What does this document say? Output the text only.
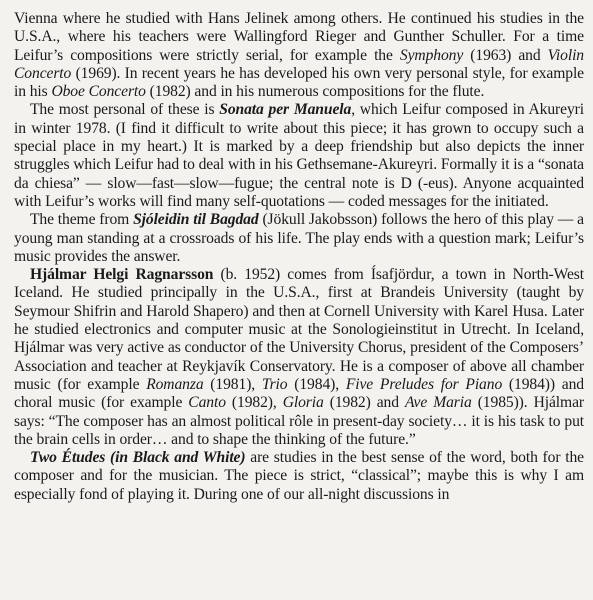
Vienna where he studied with Hans Jelinek among others. He continued his studies in the U.S.A., where his teachers were Wallingford Rieger and Gunther Schuller. For a time Leifur’s compositions were strictly serial, for example the Symphony (1963) and Violin Concerto (1969). In recent years he has developed his own very personal style, for example in his Oboe Concerto (1982) and in his numerous compositions for the flute.

The most personal of these is Sonata per Manuela, which Leifur composed in Akureyri in winter 1978. (I find it difficult to write about this piece; it has grown to occupy such a special place in my heart.) It is marked by a deep friendship but also depicts the inner struggles which Leifur had to deal with in his Gethsemane-Akureyri. Formally it is a “sonata da chiesa” — slow—fast—slow—fugue; the central note is D (-eus). Anyone acquainted with Leifur’s works will find many self-quotations — coded messages for the initiated.

The theme from Sjóleidin til Bagdad (Jökull Jakobsson) follows the hero of this play — a young man standing at a crossroads of his life. The play ends with a question mark; Leifur’s music provides the answer.

Hjálmar Helgi Ragnarsson (b. 1952) comes from Ísafjördur, a town in North-West Iceland. He studied principally in the U.S.A., first at Brandeis University (taught by Seymour Shifrin and Harold Shapero) and then at Cornell University with Karel Husa. Later he studied electronics and computer music at the Sonologieinstitut in Utrecht. In Iceland, Hjálmar was very active as conductor of the University Chorus, president of the Composers’ Association and teacher at Reykjavík Conservatory. He is a composer of above all chamber music (for example Romanza (1981), Trio (1984), Five Preludes for Piano (1984)) and choral music (for example Canto (1982), Gloria (1982) and Ave Maria (1985)). Hjálmar says: “The composer has an almost political rôle in present-day society… it is his task to put the brain cells in order… and to shape the thinking of the future.”

Two Études (in Black and White) are studies in the best sense of the word, both for the composer and for the musician. The piece is strict, “classical”; maybe this is why I am especially fond of playing it. During one of our all-night discussions in
